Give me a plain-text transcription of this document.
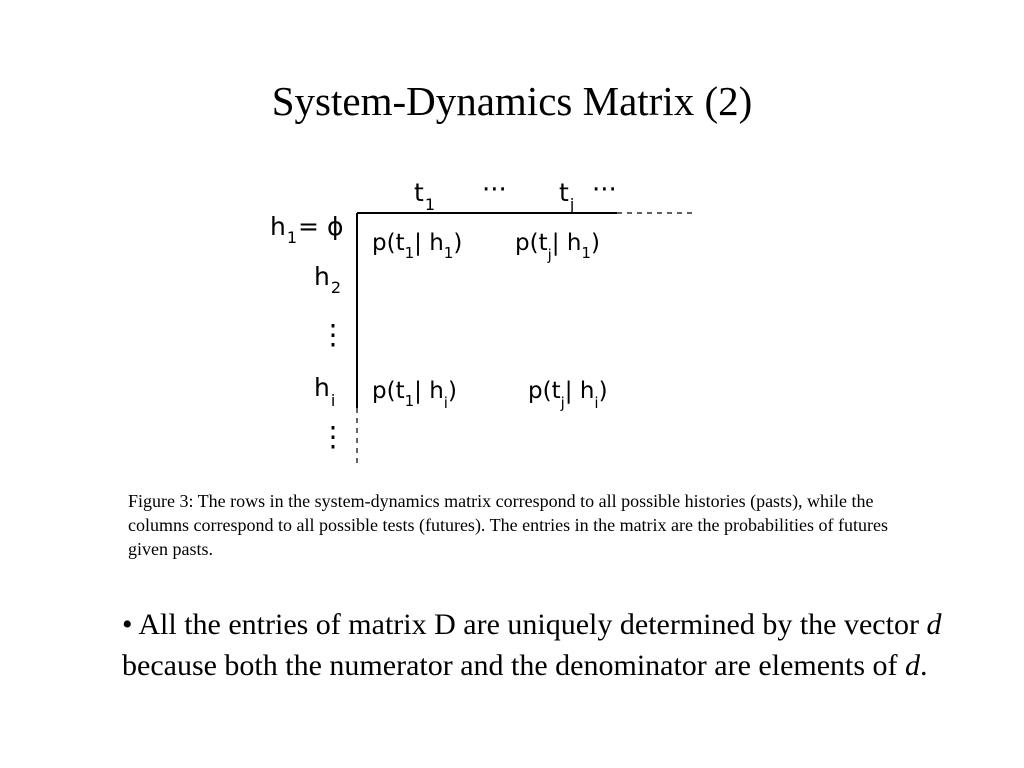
System-Dynamics Matrix (2)
$t_1$ ··· $t_j$ ···
$h_1= \phi$
$h_2$
⋮
$h_i$
⋮
$p(t_1|$ $h_1$) $p(t_j|$ $h_1$)
$p(t_1|$ $h_i$)	$p(t_j|$ $h_i$)
Figure 3: The rows in the system-dynamics matrix correspond to all possible histories (pasts), while the columns correspond to all possible tests (futures). The entries in the matrix are the probabilities of futures given pasts.
• All the entries of matrix D are uniquely determined by the vector d because both the numerator and the denominator are elements of d.
